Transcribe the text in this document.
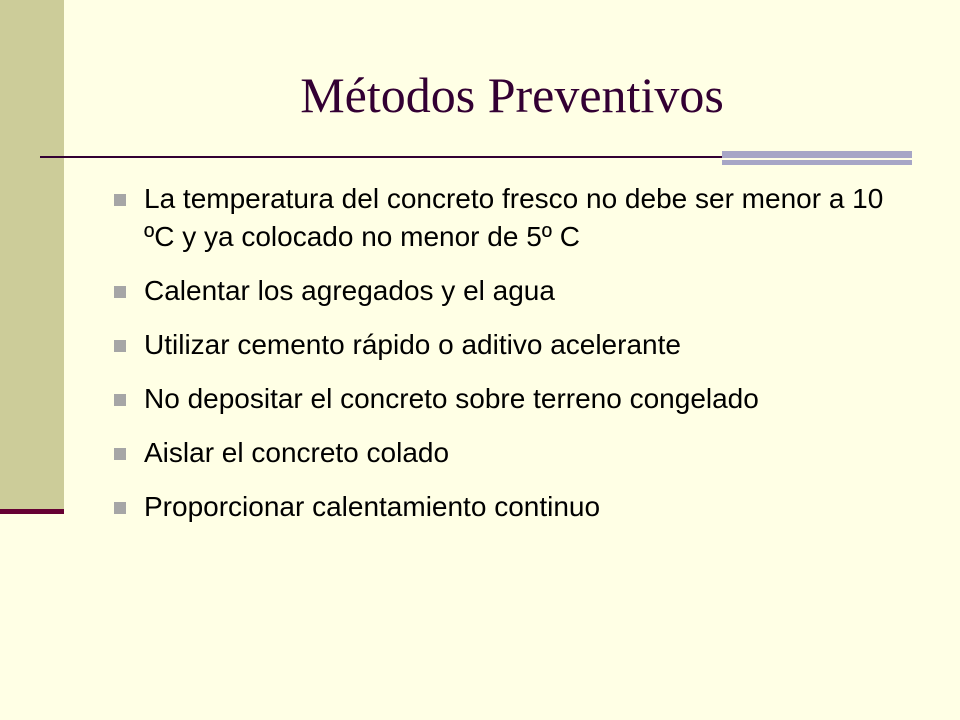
Métodos Preventivos
La temperatura del concreto fresco no debe ser menor a 10 ºC y ya colocado no menor de 5º C
Calentar los agregados y el agua
Utilizar cemento rápido o aditivo acelerante
No depositar el concreto sobre terreno congelado
Aislar el concreto colado
Proporcionar calentamiento continuo
